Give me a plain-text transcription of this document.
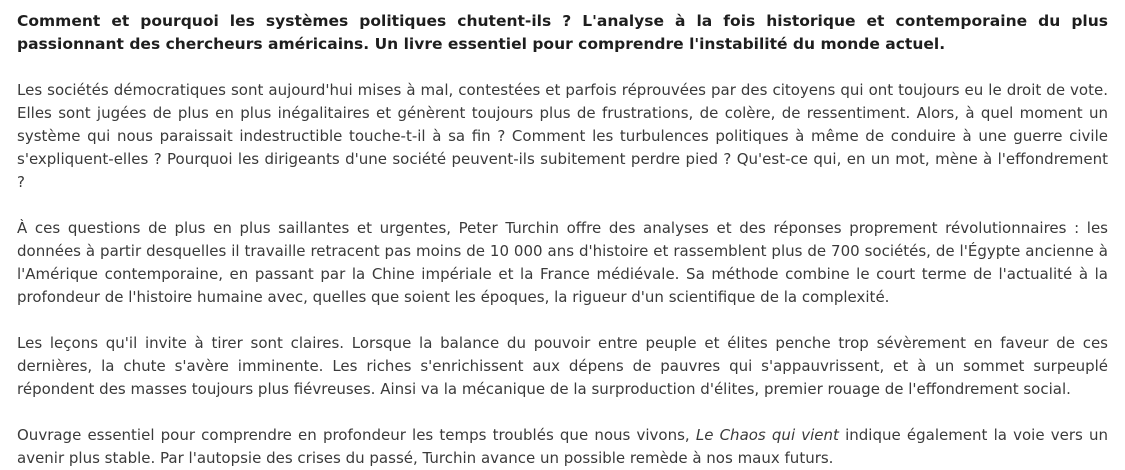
Comment et pourquoi les systèmes politiques chutent-ils ? L'analyse à la fois historique et contemporaine du plus passionnant des chercheurs américains. Un livre essentiel pour comprendre l'instabilité du monde actuel.

Les sociétés démocratiques sont aujourd'hui mises à mal, contestées et parfois réprouvées par des citoyens qui ont toujours eu le droit de vote. Elles sont jugées de plus en plus inégalitaires et génèrent toujours plus de frustrations, de colère, de ressentiment. Alors, à quel moment un système qui nous paraissait indestructible touche-t-il à sa fin ? Comment les turbulences politiques à même de conduire à une guerre civile s'expliquent-elles ? Pourquoi les dirigeants d'une société peuvent-ils subitement perdre pied ? Qu'est-ce qui, en un mot, mène à l'effondrement ?

À ces questions de plus en plus saillantes et urgentes, Peter Turchin offre des analyses et des réponses proprement révolutionnaires : les données à partir desquelles il travaille retracent pas moins de 10 000 ans d'histoire et rassemblent plus de 700 sociétés, de l'Égypte ancienne à l'Amérique contemporaine, en passant par la Chine impériale et la France médiévale. Sa méthode combine le court terme de l'actualité à la profondeur de l'histoire humaine avec, quelles que soient les époques, la rigueur d'un scientifique de la complexité.

Les leçons qu'il invite à tirer sont claires. Lorsque la balance du pouvoir entre peuple et élites penche trop sévèrement en faveur de ces dernières, la chute s'avère imminente. Les riches s'enrichissent aux dépens de pauvres qui s'appauvrissent, et à un sommet surpeuplé répondent des masses toujours plus fiévreuses. Ainsi va la mécanique de la surproduction d'élites, premier rouage de l'effondrement social.

Ouvrage essentiel pour comprendre en profondeur les temps troublés que nous vivons, Le Chaos qui vient indique également la voie vers un avenir plus stable. Par l'autopsie des crises du passé, Turchin avance un possible remède à nos maux futurs.
